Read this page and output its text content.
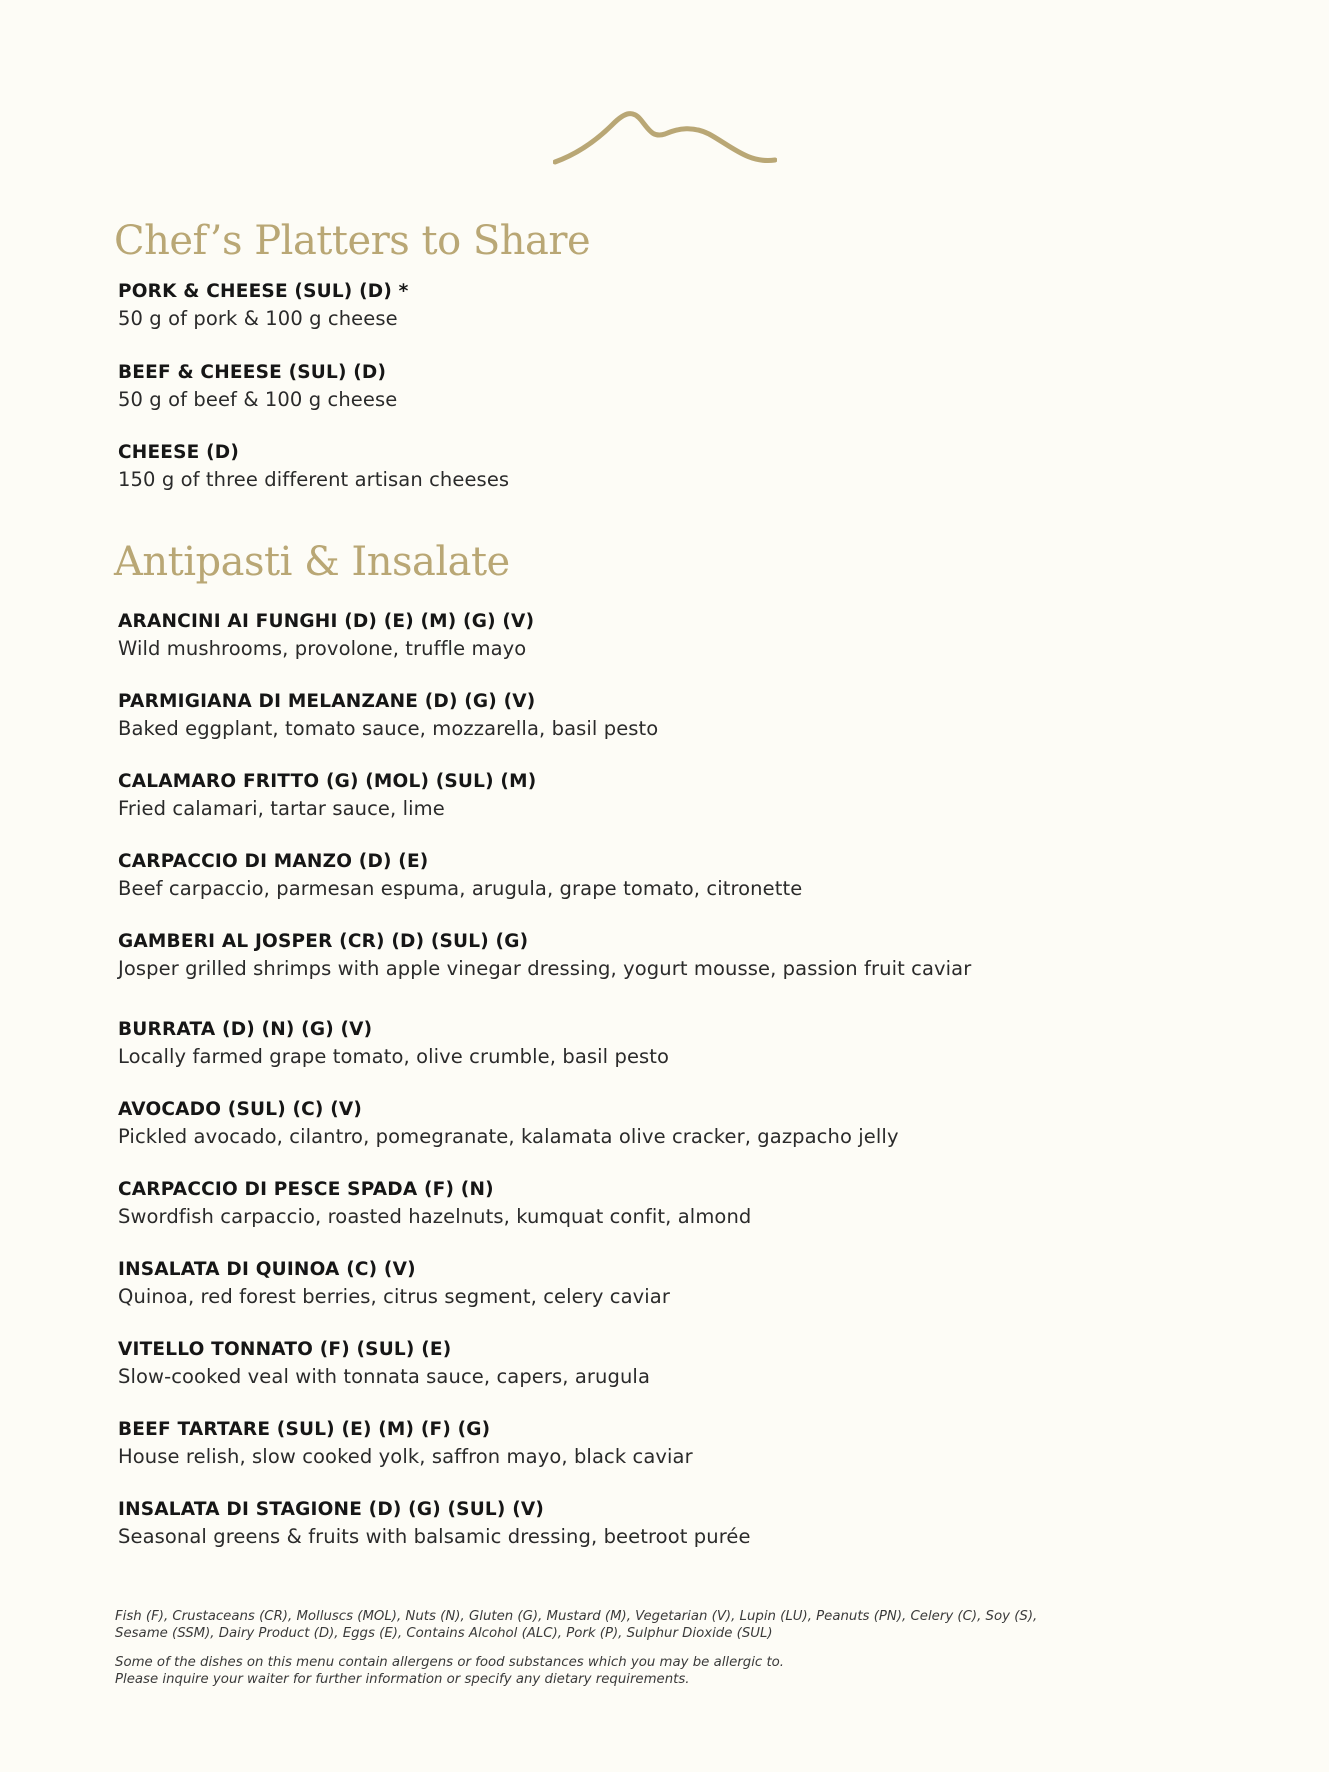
Chef’s Platters to Share
PORK & CHEESE (SUL) (D) *
50 g of pork & 100 g cheese
BEEF & CHEESE (SUL) (D)
50 g of beef & 100 g cheese
CHEESE (D)
150 g of three different artisan cheeses
Antipasti & Insalate
ARANCINI AI FUNGHI (D) (E) (M) (G) (V)
Wild mushrooms, provolone, truffle mayo
PARMIGIANA DI MELANZANE (D) (G) (V)
Baked eggplant, tomato sauce, mozzarella, basil pesto
CALAMARO FRITTO (G) (MOL) (SUL) (M)
Fried calamari, tartar sauce, lime
CARPACCIO DI MANZO (D) (E)
Beef carpaccio, parmesan espuma, arugula, grape tomato, citronette
GAMBERI AL JOSPER (CR) (D) (SUL) (G)
Josper grilled shrimps with apple vinegar dressing, yogurt mousse, passion fruit caviar
BURRATA (D) (N) (G) (V)
Locally farmed grape tomato, olive crumble, basil pesto
AVOCADO (SUL) (C) (V)
Pickled avocado, cilantro, pomegranate, kalamata olive cracker, gazpacho jelly
CARPACCIO DI PESCE SPADA (F) (N)
Swordfish carpaccio, roasted hazelnuts, kumquat confit, almond
INSALATA DI QUINOA (C) (V)
Quinoa, red forest berries, citrus segment, celery caviar
VITELLO TONNATO (F) (SUL) (E)
Slow-cooked veal with tonnata sauce, capers, arugula
BEEF TARTARE (SUL) (E) (M) (F) (G)
House relish, slow cooked yolk, saffron mayo, black caviar
INSALATA DI STAGIONE (D) (G) (SUL) (V)
Seasonal greens & fruits with balsamic dressing, beetroot purée

Fish (F), Crustaceans (CR), Molluscs (MOL), Nuts (N), Gluten (G), Mustard (M), Vegetarian (V), Lupin (LU), Peanuts (PN), Celery (C), Soy (S),
Sesame (SSM), Dairy Product (D), Eggs (E), Contains Alcohol (ALC), Pork (P), Sulphur Dioxide (SUL)

Some of the dishes on this menu contain allergens or food substances which you may be allergic to.
Please inquire your waiter for further information or specify any dietary requirements.
